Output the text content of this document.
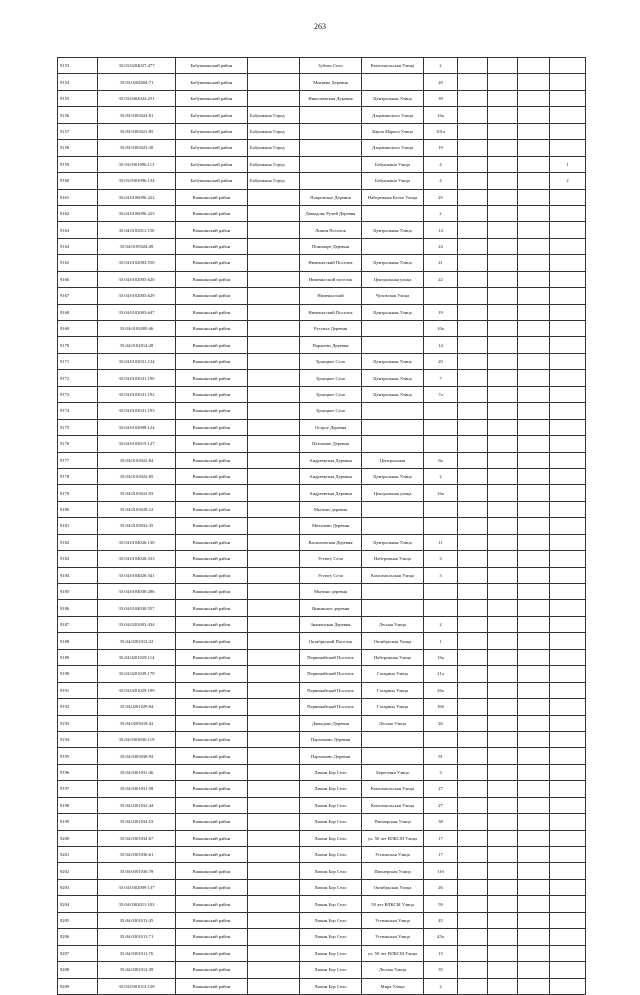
263
9153	35:03:0204037:477	Бабушкинский район		Зубово Село	Комсомольская Улица	2				
9154	35:03:0204004:71	Бабушкинский район		Митяево Деревня		20				
9155	35:03:0402022:251	Бабушкинский район		Николаевская Деревня	Центральная Улица	39				
9156	35:03:0303024:81	Бабушкинский район	Бабушкино Город		Дзержинского Улица	16а				
9157	35:03:0303021:85	Бабушкинский район	Бабушкино Город		Карла Маркса Улица	101а				
9158	35:03:0303023:30	Бабушкинский район	Бабушкино Город		Дзержинского Улица	19				
9159	35:03:0301096:113	Бабушкинский район	Бабушкино Город		Бабушкина Улица	4				1
9160	35:03:0301096:134	Бабушкинский район	Бабушкино Город		Бабушкина Улица	4				2
9161	35:04:0106096:222	Вашкинский район		Покровское Деревня	Набережная Белое Улица	25				
9162	35:04:0106096:223	Вашкинский район		Давыдово Ручей Деревня		2				
9163	35:04:0102011:150	Вашкинский район		Липин Поселок	Центральная Улица	14				
9164	35:04:0105024:49	Вашкинский район		Пономаре Деревня		24				
9165	35:04:0102003:550	Вашкинский район		Нименьгский Поселок	Центральная Улица	21				
9166	35:04:0102003:620	Вашкинский район		Нименьгский поселок	Центральная улица	22				
9167	35:04:0102003:629	Вашкинский район		Нименьгский	Чуловская Улица					
9168	35:04:0102003:647	Вашкинский район		Нименьгский Поселок	Центральная Улица	19				
9169	35:04:0102009:46	Вашкинский район		Рустиха Деревня		10а				
9170	35:04:0102014:28	Вашкинский район		Паранево Деревня		14				
9171	35:04:0102031:134	Вашкинский район		Троицкое Село	Центральная Улица	20				
9172	35:04:0102031:190	Вашкинский район		Троицкое Село	Центральная Улица	7				
9173	35:04:0102031:192	Вашкинский район		Троицкое Село	Центральная Улица	7а				
9174	35:04:0102031:193	Вашкинский район		Троицкое Село						
9175	35:04:0102008:124	Вашкинский район		Острое Деревня						
9176	35:04:0103015:127	Вашкинский район		Пахомово Деревня						
9177	35:04:0103022:84	Вашкинский район		Андреевская Деревня	Центральная	8а				
9178	35:04:0103022:85	Вашкинский район		Андреевская Деревня	Центральная Улица	2				
9179	35:04:0103022:93	Вашкинский район		Андреевская Деревня	Центральная улица	16а				
9180	35:04:0103028:12	Вашкинский район		Мытино деревня						
9181	35:04:0103032:35	Вашкинский район		Михалево Деревня						
9182	35:04:0104026:130	Вашкинский район		Васильевская Деревня	Центральная Улица	11				
9183	35:04:0104026:333	Вашкинский район		Устюгу Село	Набережная Улица	3				
9184	35:04:0104026:341	Вашкинский район		Устюгу Село	Комсомольская Улица	3				
9185	35:04:0104030:286	Вашкинский район		Мытино деревня						
9186	35:04:0104030:557	Вашкинский район		Ягнинское деревня						
9187	35:04:0201003:434	Вашкинский район		Знаменская Деревня	Лесная Улица	2				
9188	35:04:0201013:22	Вашкинский район		Октябрьский Поселок	Октябрьская Улица	1				
9189	35:04:0201029:114	Вашкинский район		Первомайский Поселок	Набережная Улица	16а				
9190	35:04:0201029:179	Вашкинский район		Первомайский Поселок	Гагарина Улица	21а				
9191	35:04:0201029:199	Вашкинский район		Первомайский Поселок	Гагарина Улица	26а				
9192	35:04:0201029:94	Вашкинский район		Первомайский Поселок	Гагарина Улица	16б				
9193	35:04:0203018:43	Вашкинский район		Давыдово Деревня	Лесная Улица	26				
9194	35:04:0303036:119	Вашкинский район		Пархомово Деревня						
9195	35:04:0303038:93	Вашкинский район		Пархомово Деревня		91				
9196	35:04:0301031:46	Вашкинский район		Липин Бор Село	Береговая Улица	3				
9197	35:04:0301031:58	Вашкинский район		Липин Бор Село	Комсомольская Улица	27				
9198	35:04:0301032:44	Вашкинский район		Липин Бор Село	Комсомольская Улица	27				
9199	35:04:0301034:53	Вашкинский район		Липин Бор Село	Пионерская Улица	38				
9200	35:04:0301034:67	Вашкинский район		Липин Бор Село	ул. 50 лет ВЛКСМ Улица	17				
9201	35:04:0301036:61	Вашкинский район		Липин Бор Село	Устюжская Улица	17				
9202	35:04:0301036:78	Вашкинский район		Липин Бор Село	Пионерская Улица	11б				
9203	35:04:0302009:137	Вашкинский район		Липин Бор Село	Октябрьская Улица	26				
9204	35:04:0302011:103	Вашкинский район		Липин Бор Село	50 лет ВЛКСМ Улица	59				
9205	35:04:0301011:45	Вашкинский район		Липин Бор Село	Устюжская Улица	45				
9206	35:04:0301011:71	Вашкинский район		Липин Бор Село	Устюжская Улица	45а				
9207	35:04:0301011:76	Вашкинский район		Липин Бор Село	ул. 50 лет ВЛКСМ Улица	15				
9208	35:04:0301012:39	Вашкинский район		Липин Бор Село	Лесная Улица	35				
9209	35:04:0301013:128	Вашкинский район		Липин Бор Село	Мира Улица	2				
